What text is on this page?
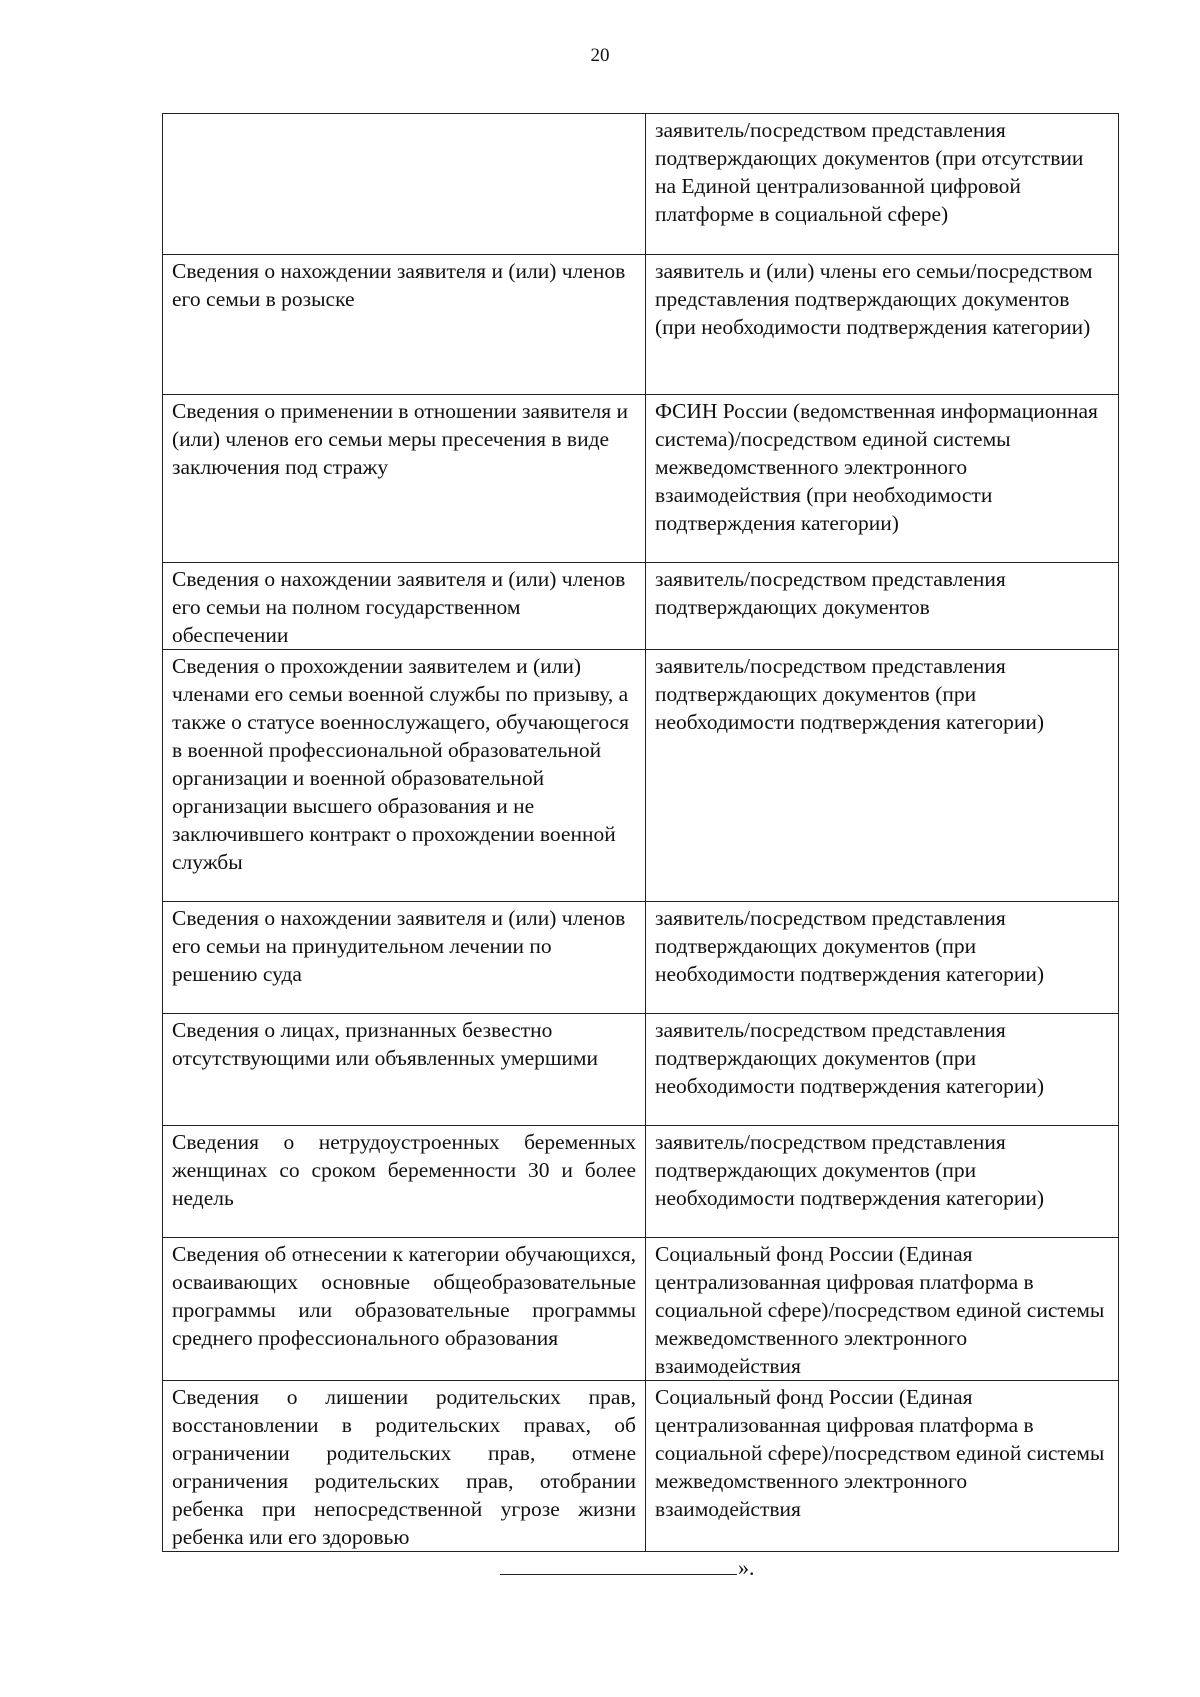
20
	заявитель/посредством представления подтверждающих документов (при отсутствии на Единой централизованной цифровой платформе в социальной сфере)
Сведения о нахождении заявителя и (или) членов его семьи в розыске	заявитель и (или) члены его семьи/посредством представления подтверждающих документов (при необходимости подтверждения категории)
Сведения о применении в отношении заявителя и (или) членов его семьи меры пресечения в виде заключения под стражу	ФСИН России (ведомственная информационная система)/посредством единой системы межведомственного электронного взаимодействия (при необходимости подтверждения категории)
Сведения о нахождении заявителя и (или) членов его семьи на полном государственном обеспечении	заявитель/посредством представления подтверждающих документов
Сведения о прохождении заявителем и (или) членами его семьи военной службы по призыву, а также о статусе военнослужащего, обучающегося в военной профессиональной образовательной организации и военной образовательной организации высшего образования и не заключившего контракт о прохождении военной службы	заявитель/посредством представления подтверждающих документов (при необходимости подтверждения категории)
Сведения о нахождении заявителя и (или) членов его семьи на принудительном лечении по решению суда	заявитель/посредством представления подтверждающих документов (при необходимости подтверждения категории)
Сведения о лицах, признанных безвестно отсутствующими или объявленных умершими	заявитель/посредством представления подтверждающих документов (при необходимости подтверждения категории)
Сведения о нетрудоустроенных беременных женщинах со сроком беременности 30 и более недель	заявитель/посредством представления подтверждающих документов (при необходимости подтверждения категории)
Сведения об отнесении к категории обучающихся, осваивающих основные общеобразовательные программы или образовательные программы среднего профессионального образования	Социальный фонд России (Единая централизованная цифровая платформа в социальной сфере)/посредством единой системы межведомственного электронного взаимодействия
Сведения о лишении родительских прав, восстановлении в родительских правах, об ограничении родительских прав, отмене ограничения родительских прав, отобрании ребенка при непосредственной угрозе жизни ребенка или его здоровью	Социальный фонд России (Единая централизованная цифровая платформа в социальной сфере)/посредством единой системы межведомственного электронного взаимодействия
».
